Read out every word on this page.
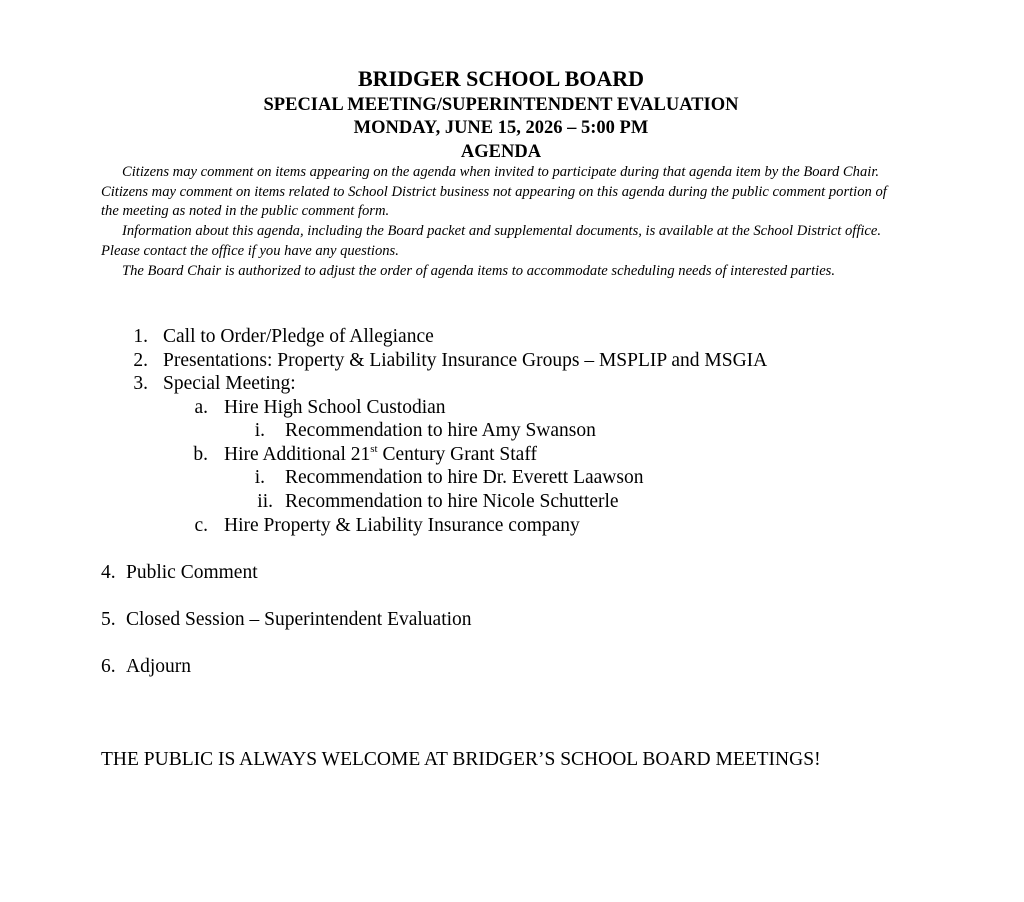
BRIDGER SCHOOL BOARD
SPECIAL MEETING/SUPERINTENDENT EVALUATION
MONDAY, JUNE 15, 2026 – 5:00 PM
AGENDA

Citizens may comment on items appearing on the agenda when invited to participate during that agenda item by the Board Chair. Citizens may comment on items related to School District business not appearing on this agenda during the public comment portion of the meeting as noted in the public comment form.

Information about this agenda, including the Board packet and supplemental documents, is available at the School District office. Please contact the office if you have any questions.

The Board Chair is authorized to adjust the order of agenda items to accommodate scheduling needs of interested parties.

1. Call to Order/Pledge of Allegiance
2. Presentations: Property & Liability Insurance Groups – MSPLIP and MSGIA
3. Special Meeting:
a. Hire High School Custodian
i. Recommendation to hire Amy Swanson
b. Hire Additional 21st Century Grant Staff
i. Recommendation to hire Dr. Everett Laawson
ii. Recommendation to hire Nicole Schutterle
c. Hire Property & Liability Insurance company
4. Public Comment
5. Closed Session – Superintendent Evaluation
6. Adjourn
THE PUBLIC IS ALWAYS WELCOME AT BRIDGER’S SCHOOL BOARD MEETINGS!
